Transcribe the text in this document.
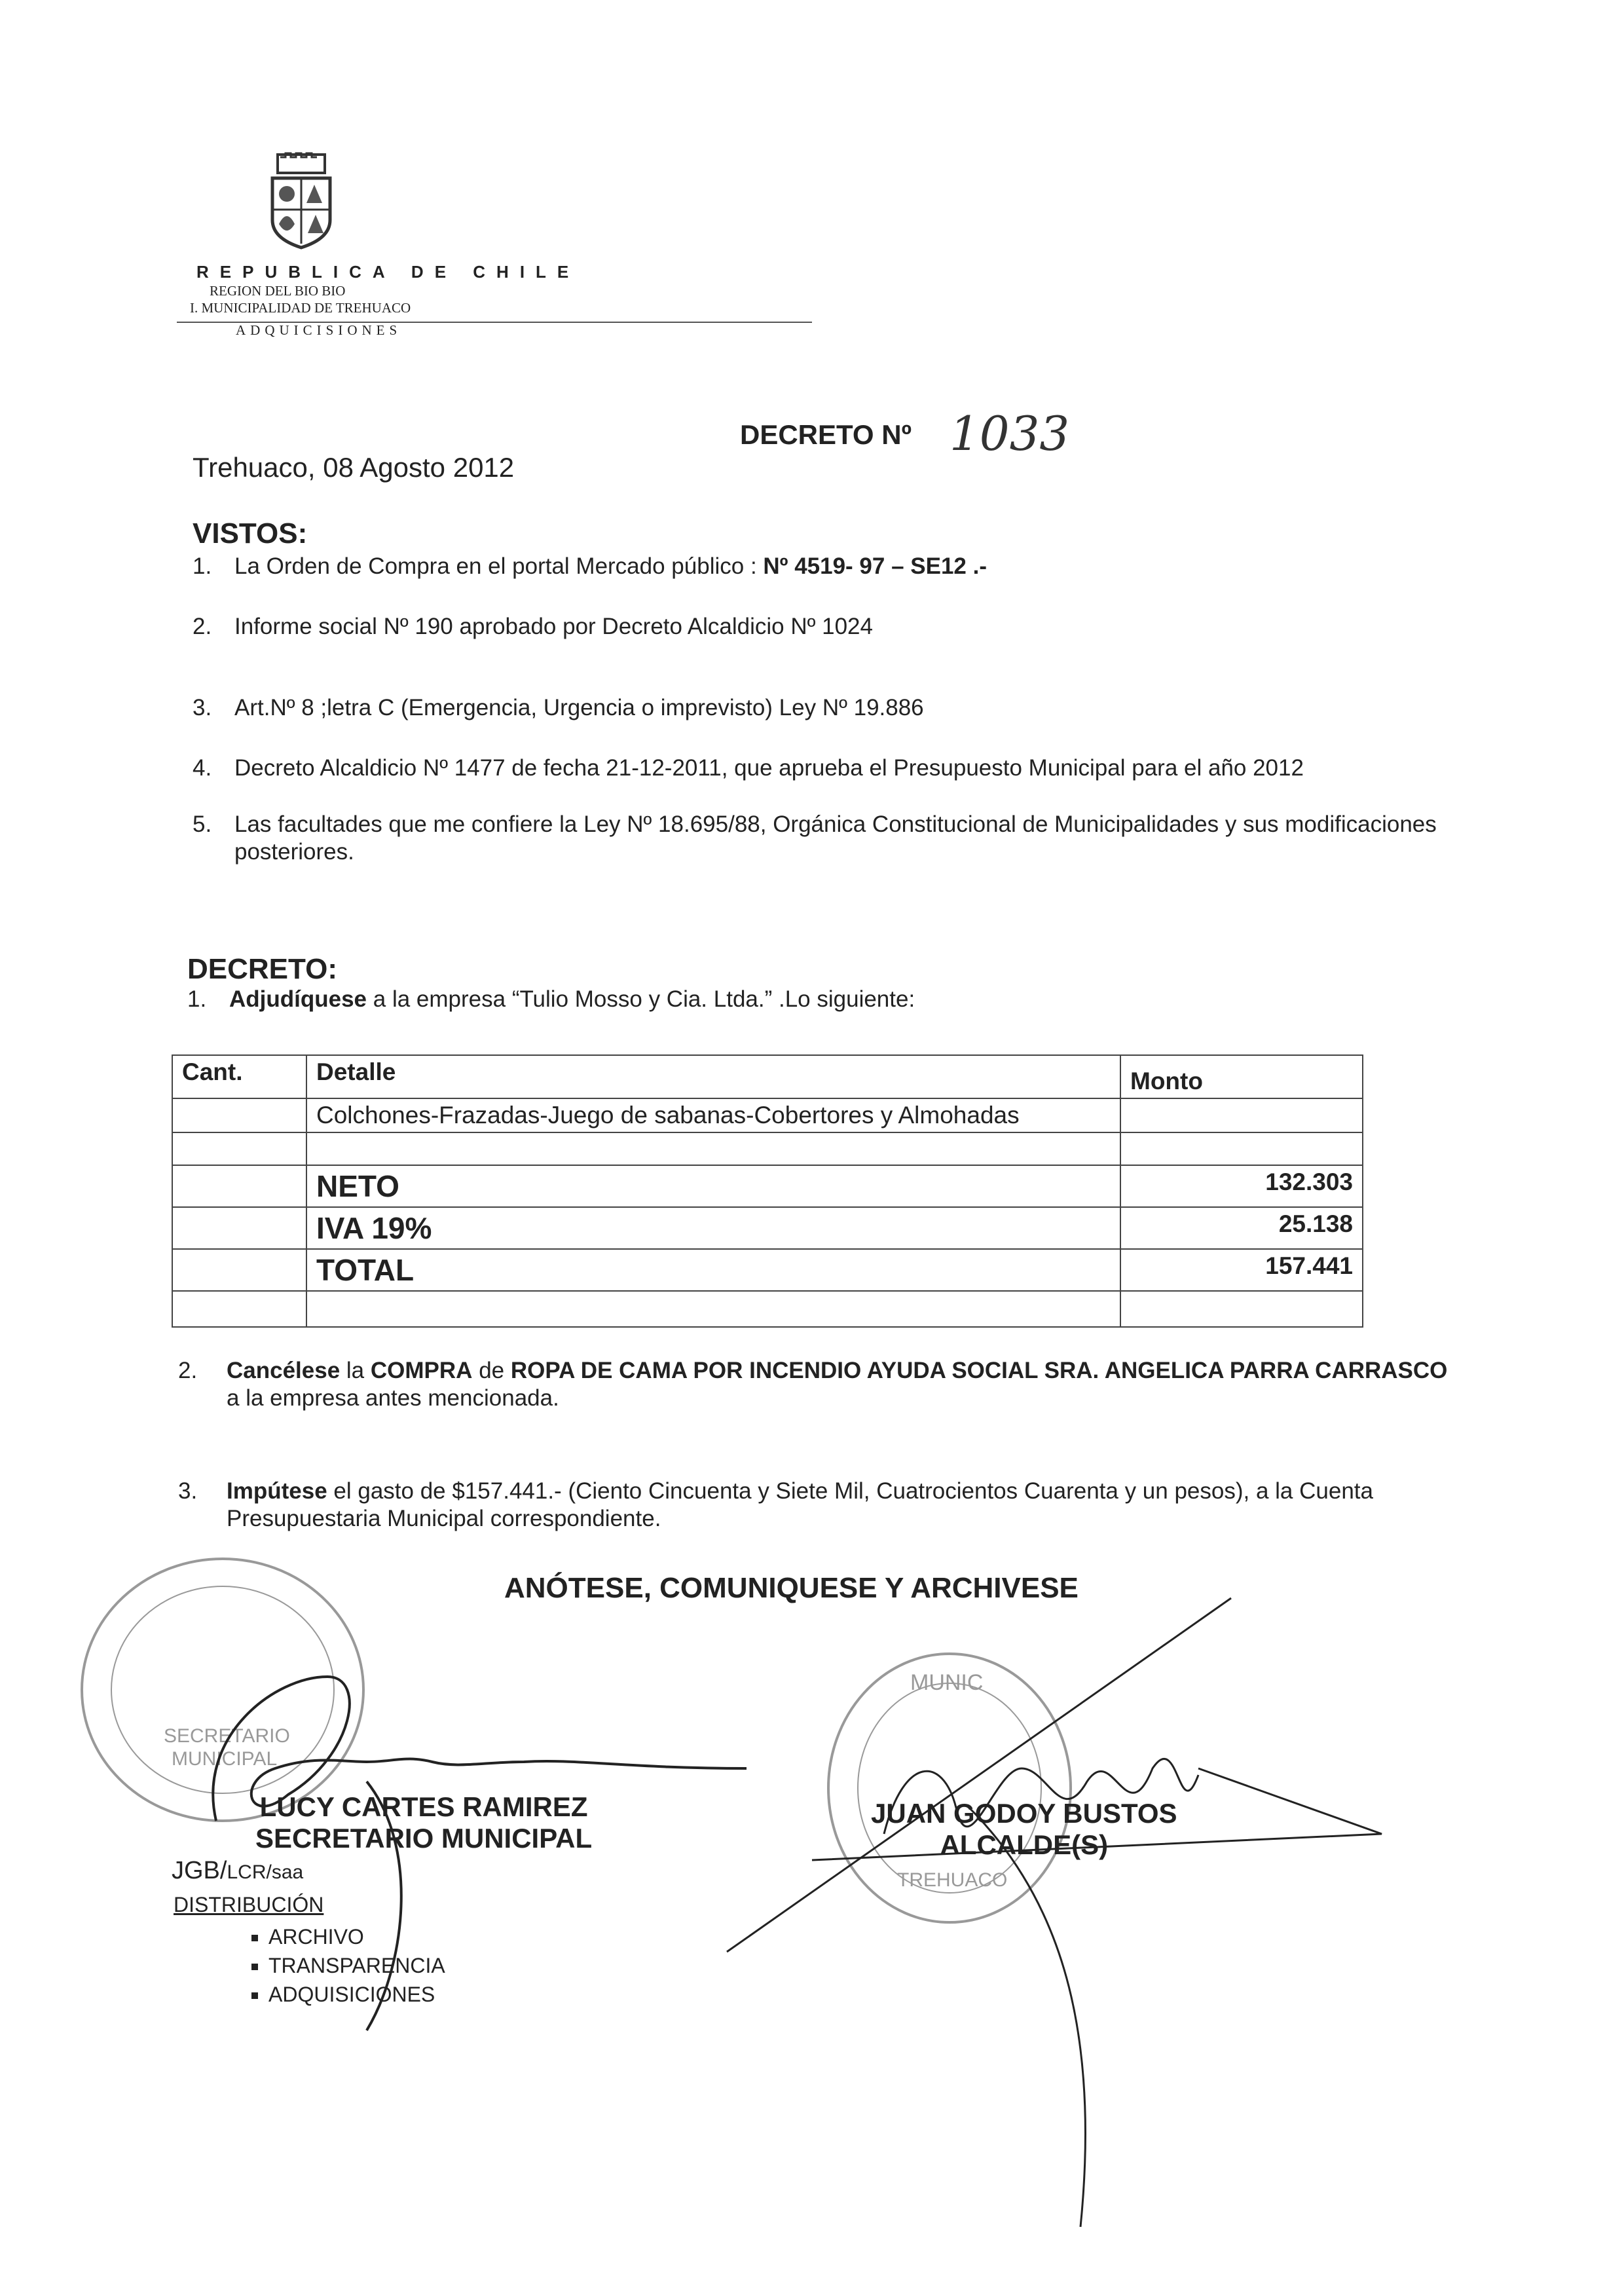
REPUBLICA DE CHILE
REGION DEL BIO BIO
I. MUNICIPALIDAD DE TREHUACO
ADQUICISIONES
DECRETO Nº 1033
Trehuaco, 08 Agosto 2012
VISTOS:
1. La Orden de Compra en el portal Mercado público : Nº 4519- 97 – SE12 .-
2. Informe social Nº 190 aprobado por Decreto Alcaldicio Nº 1024
3. Art.Nº 8 ;letra C (Emergencia, Urgencia o imprevisto) Ley Nº 19.886
4. Decreto Alcaldicio Nº 1477 de fecha 21-12-2011, que aprueba el Presupuesto Municipal para el año 2012
5. Las facultades que me confiere la Ley Nº 18.695/88, Orgánica Constitucional de Municipalidades y sus modificaciones posteriores.
DECRETO:
1. Adjudíquese a la empresa “Tulio Mosso y Cia. Ltda.” .Lo siguiente:
Cant.	Detalle	Monto
	Colchones-Frazadas-Juego de sabanas-Cobertores y Almohadas	

	NETO	132.303
	IVA 19%	25.138
	TOTAL	157.441

2. Cancélese la COMPRA de ROPA DE CAMA POR INCENDIO AYUDA SOCIAL SRA. ANGELICA PARRA CARRASCO a la empresa antes mencionada.
3. Impútese el gasto de $157.441.- (Ciento Cincuenta y Siete Mil, Cuatrocientos Cuarenta y un pesos), a la Cuenta Presupuestaria Municipal correspondiente.
ANÓTESE, COMUNIQUESE Y ARCHIVESE
SECRETARIO
MUNICIPAL
MUNIC
TREHUACO
LUCY CARTES RAMIREZ
SECRETARIO MUNICIPAL
JUAN GODOY BUSTOS
ALCALDE(S)
JGB/LCR/saa
DISTRIBUCIÓN
▪ ARCHIVO
▪ TRANSPARENCIA
▪ ADQUISICIONES
